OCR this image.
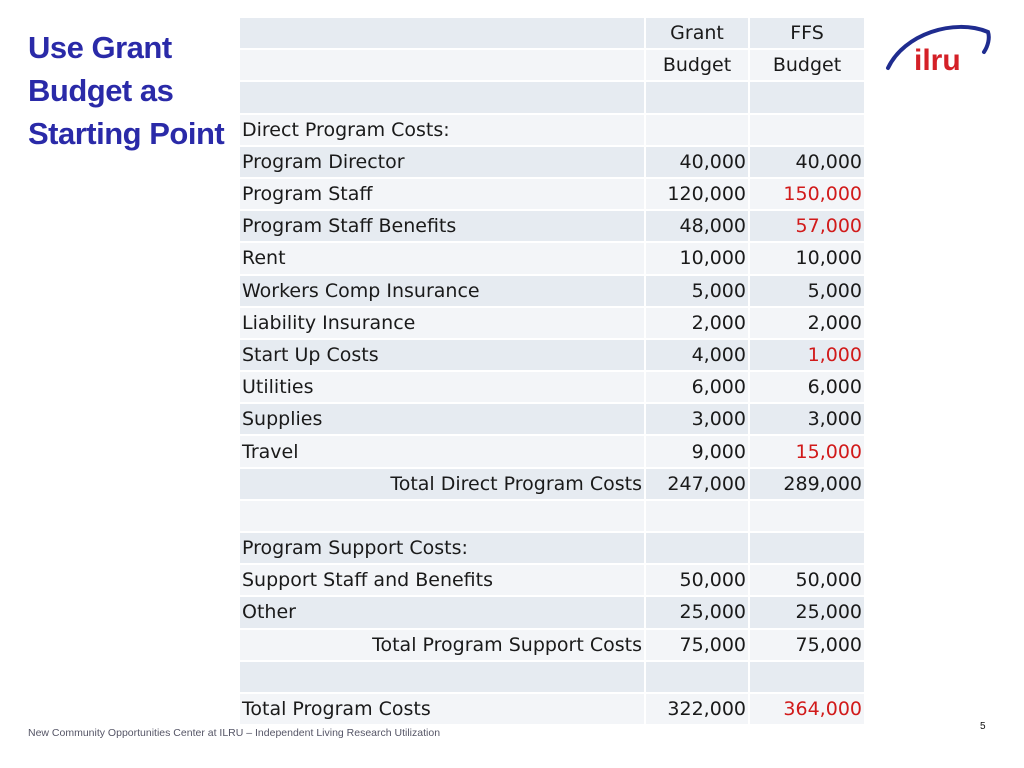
Use Grant Budget as Starting Point
ilru
	Grant	FFS
	Budget	Budget

Direct Program Costs:		
Program Director	40,000	40,000
Program Staff	120,000	150,000
Program Staff Benefits	48,000	57,000
Rent	10,000	10,000
Workers Comp Insurance	5,000	5,000
Liability Insurance	2,000	2,000
Start Up Costs	4,000	1,000
Utilities	6,000	6,000
Supplies	3,000	3,000
Travel	9,000	15,000
Total Direct Program Costs	247,000	289,000

Program Support Costs:		
Support Staff and Benefits	50,000	50,000
Other	25,000	25,000
Total Program Support Costs	75,000	75,000

Total Program Costs	322,000	364,000
New Community Opportunities Center at ILRU – Independent Living Research Utilization
5
